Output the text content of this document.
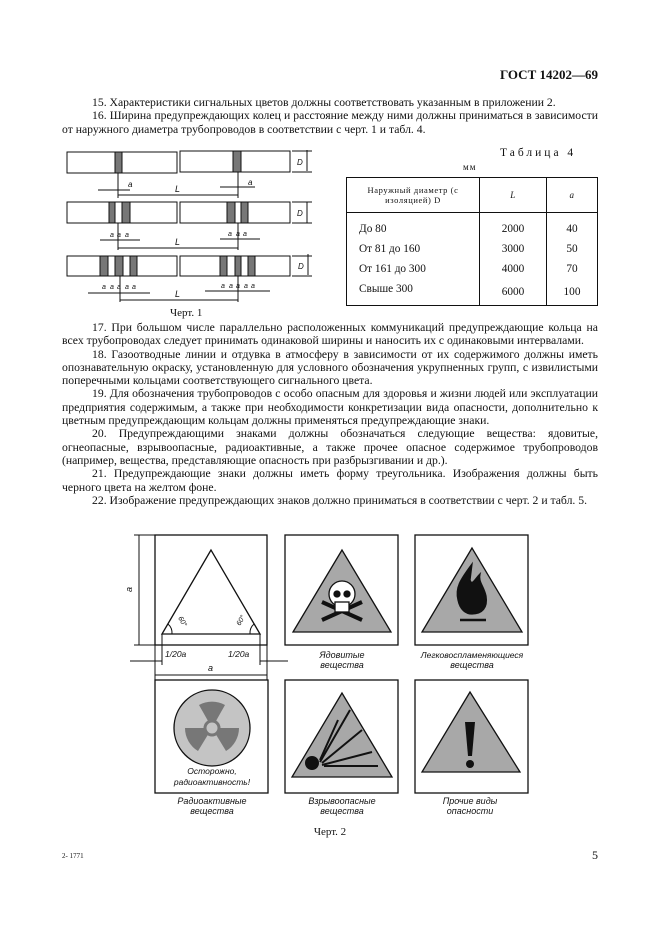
ГОСТ 14202—69

15. Характеристики сигнальных цветов должны соответствовать указанным в приложении 2.

16. Ширина предупреждающих колец и расстояние между ними должны приниматься в зависимости от наружного диаметра трубопроводов в соответствии с черт. 1 и табл. 4.

a	a
L
D
a a a	a a a
L
D
a a a a a	a a a a a
L
D
Черт. 1
Таблица 4
мм
Наружный диаметр (с изоляцией) D	L	a
До 80	2000	40
От 81 до 160	3000	50
От 161 до 300	4000	70
Свыше 300	6000	100

17. При большом числе параллельно расположенных коммуникаций предупреждающие кольца на всех трубопроводах следует принимать одинаковой ширины и наносить их с одинаковыми интервалами.

18. Газоотводные линии и отдувка в атмосферу в зависимости от их содержимого должны иметь опознавательную окраску, установленную для условного обозначения укрупненных групп, с извилистыми поперечными кольцами соответствующего сигнального цвета.

19. Для обозначения трубопроводов с особо опасным для здоровья и жизни людей или эксплуатации предприятия содержимым, а также при необходимости конкретизации вида опасности, дополнительно к цветным предупреждающим кольцам должны применяться предупреждающие знаки.

20. Предупреждающими знаками должны обозначаться следующие вещества: ядовитые, огнеопасные, взрывоопасные, радиоактивные, а также прочее опасное содержимое трубопроводов (например, вещества, представляющие опасность при разбрызгивании и др.).

21. Предупреждающие знаки должны иметь форму треугольника. Изображения должны быть черного цвета на желтом фоне.

22. Изображение предупреждающих знаков должно приниматься в соответствии с черт. 2 и табл. 5.

a
a
1/20a	1/20a
60°	60°
Ядовитые
вещества
Легковоспламеняющиеся
вещества
Осторожно,
радиоактивность!
Радиоактивные
вещества
Взрывоопасные
вещества
Прочие виды
опасности
Черт. 2
2- 1771	5
